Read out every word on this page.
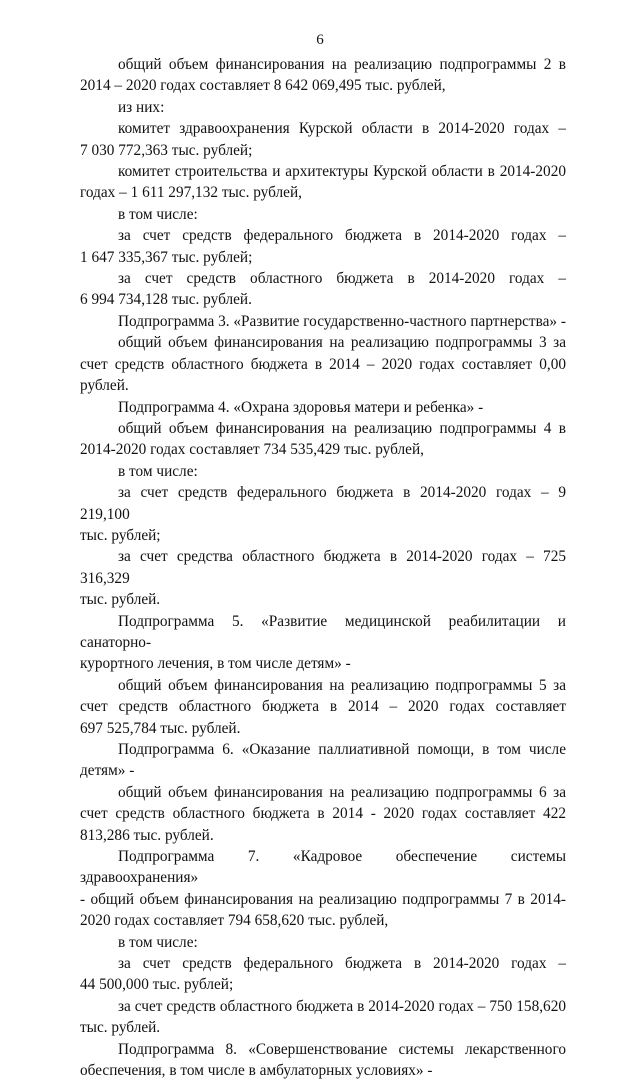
6

общий объем финансирования на реализацию подпрограммы 2 в

2014 – 2020 годах составляет 8 642 069,495 тыс. рублей,

из них:

комитет здравоохранения Курской области в 2014-2020 годах –

7 030 772,363 тыс. рублей;

комитет строительства и архитектуры Курской области в 2014-2020

годах – 1 611 297,132 тыс. рублей,

в том числе:

за счет средств федерального бюджета в 2014-2020 годах –

1 647 335,367 тыс. рублей;

за счет средств областного бюджета в 2014-2020 годах –

6 994 734,128 тыс. рублей.

Подпрограмма 3. «Развитие государственно-частного партнерства» -

общий объем финансирования на реализацию подпрограммы 3 за

счет средств областного бюджета в 2014 – 2020 годах составляет 0,00

рублей.

Подпрограмма 4. «Охрана здоровья матери и ребенка» -

общий объем финансирования на реализацию подпрограммы 4 в

2014-2020 годах составляет 734 535,429 тыс. рублей,

в том числе:

за счет средств федерального бюджета в 2014-2020 годах – 9 219,100

тыс. рублей;

за счет средства областного бюджета в 2014-2020 годах – 725 316,329

тыс. рублей.

Подпрограмма 5. «Развитие медицинской реабилитации и санаторно-

курортного лечения, в том числе детям» -

общий объем финансирования на реализацию подпрограммы 5 за

счет средств областного бюджета в 2014 – 2020 годах составляет

697 525,784 тыс. рублей.

Подпрограмма 6. «Оказание паллиативной помощи, в том числе

детям» -

общий объем финансирования на реализацию подпрограммы 6 за

счет средств областного бюджета в 2014 - 2020 годах составляет 422

813,286 тыс. рублей.

Подпрограмма 7. «Кадровое обеспечение системы здравоохранения»

- общий объем финансирования на реализацию подпрограммы 7 в 2014-

2020 годах составляет 794 658,620 тыс. рублей,

в том числе:

за счет средств федерального бюджета в 2014-2020 годах –

44 500,000 тыс. рублей;

за счет средств областного бюджета в 2014-2020 годах – 750 158,620

тыс. рублей.

Подпрограмма 8. «Совершенствование системы лекарственного

обеспечения, в том числе в амбулаторных условиях» -
